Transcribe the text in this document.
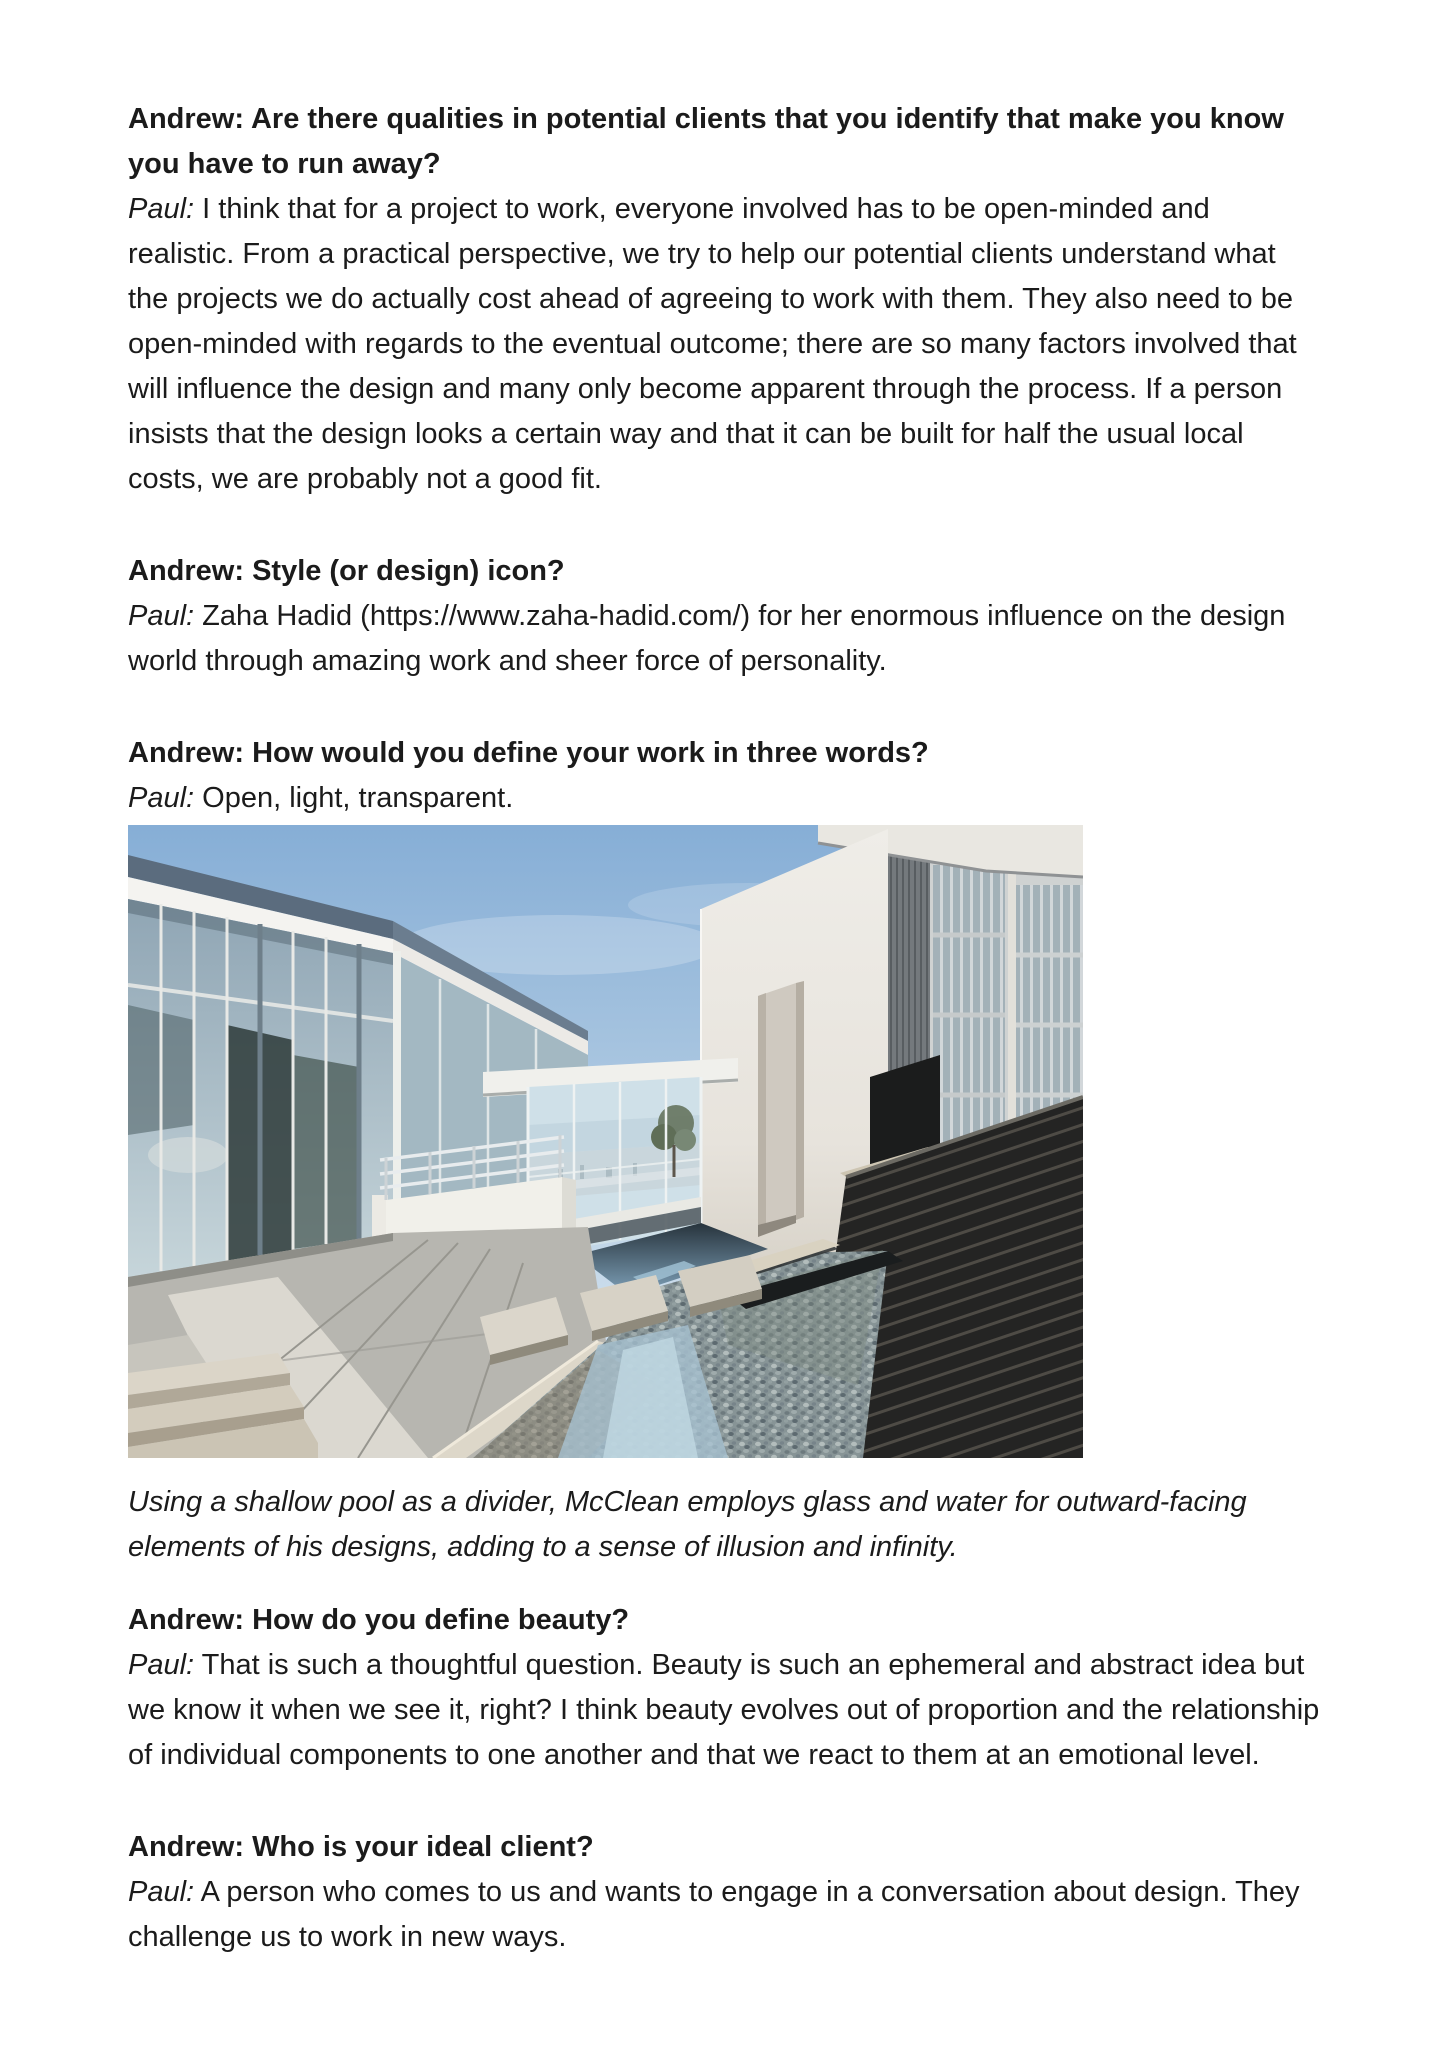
Andrew: Are there qualities in potential clients that you identify that make you know you have to run away?

Paul: I think that for a project to work, everyone involved has to be open-minded and realistic. From a practical perspective, we try to help our potential clients understand what the projects we do actually cost ahead of agreeing to work with them. They also need to be open-minded with regards to the eventual outcome; there are so many factors involved that will influence the design and many only become apparent through the process. If a person insists that the design looks a certain way and that it can be built for half the usual local costs, we are probably not a good fit.

Andrew: Style (or design) icon?

Paul: Zaha Hadid (https://www.zaha-hadid.com/) for her enormous influence on the design world through amazing work and sheer force of personality.

Andrew: How would you define your work in three words?

Paul: Open, light, transparent.

Using a shallow pool as a divider, McClean employs glass and water for outward-facing elements of his designs, adding to a sense of illusion and infinity.

Andrew: How do you define beauty?

Paul: That is such a thoughtful question. Beauty is such an ephemeral and abstract idea but we know it when we see it, right? I think beauty evolves out of proportion and the relationship of individual components to one another and that we react to them at an emotional level.

Andrew: Who is your ideal client?

Paul: A person who comes to us and wants to engage in a conversation about design. They challenge us to work in new ways.
